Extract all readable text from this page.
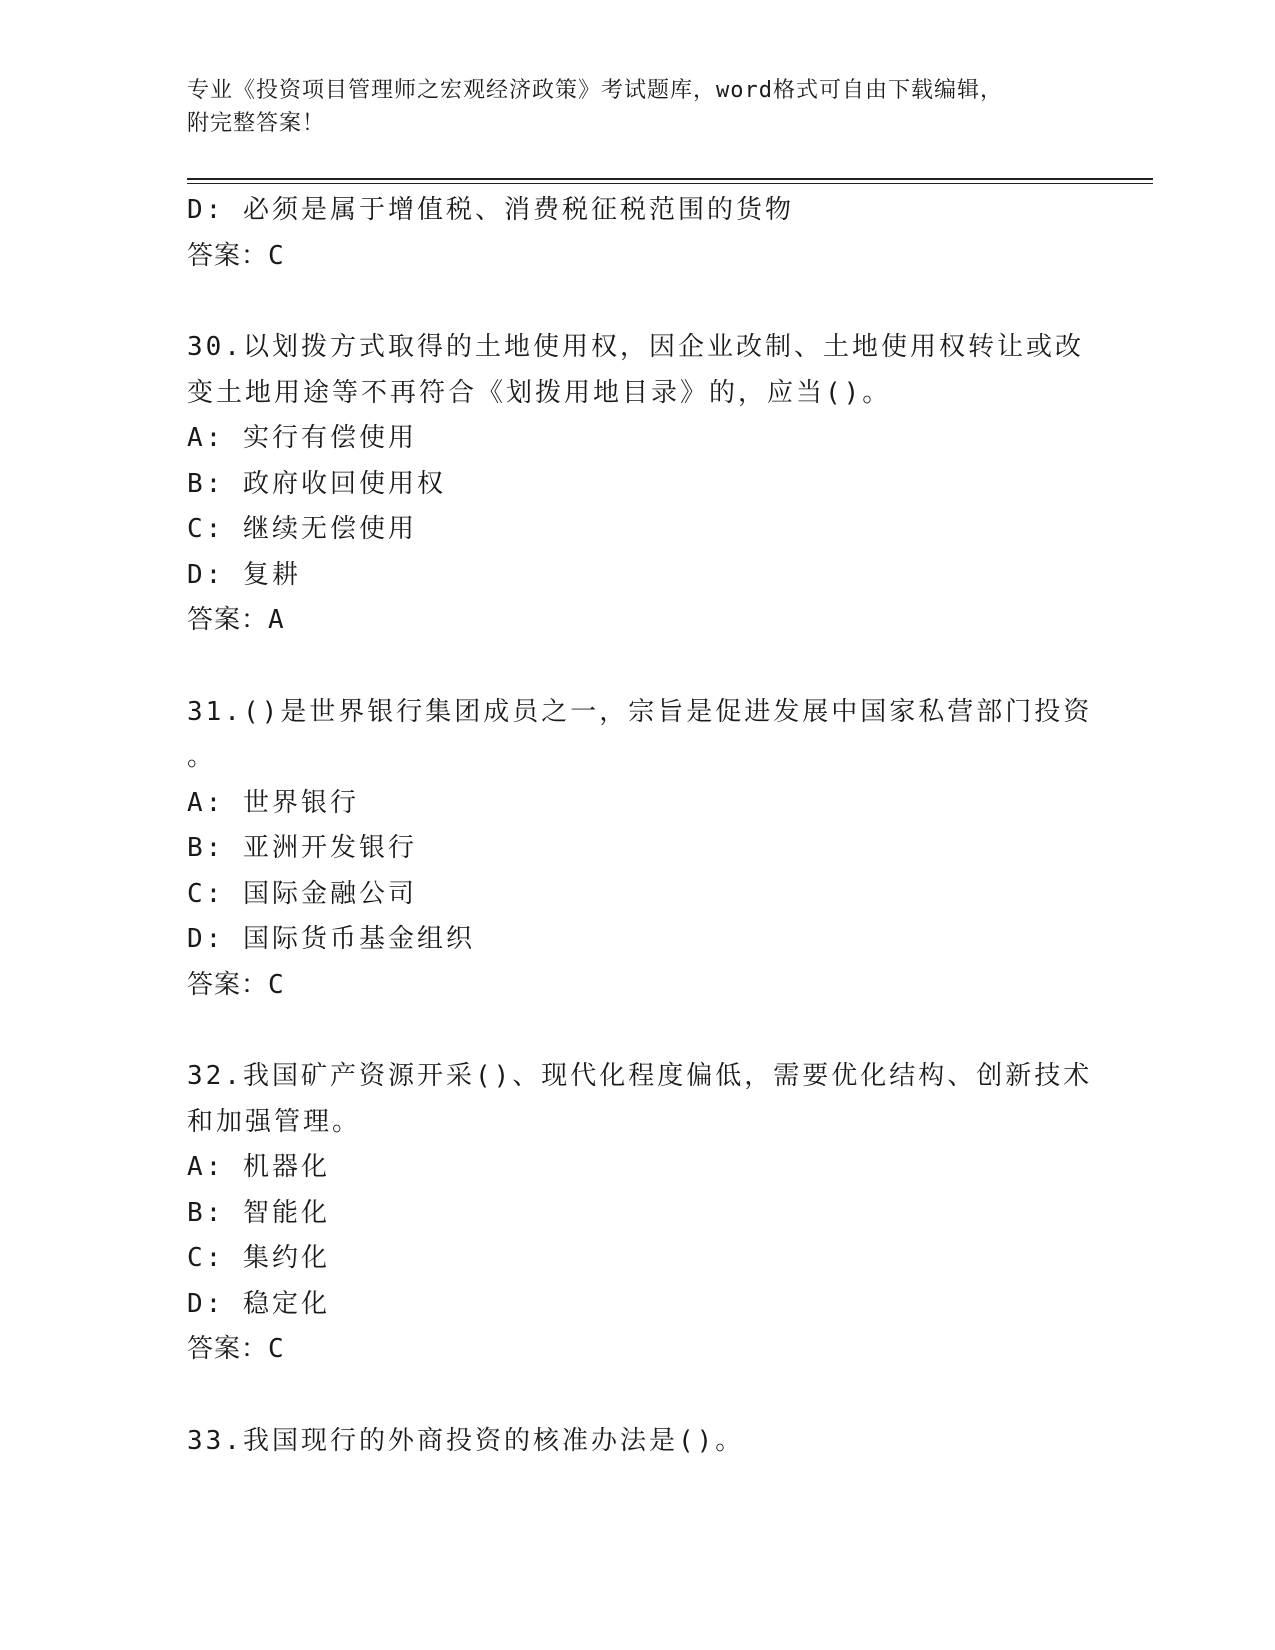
专业《投资项目管理师之宏观经济政策》考试题库，word格式可自由下载编辑，
附完整答案！
D: 必须是属于增值税、消费税征税范围的货物
答案：C
30.以划拨方式取得的土地使用权，因企业改制、土地使用权转让或改
变土地用途等不再符合《划拨用地目录》的，应当()。
A: 实行有偿使用
B: 政府收回使用权
C: 继续无偿使用
D: 复耕
答案：A
31.()是世界银行集团成员之一，宗旨是促进发展中国家私营部门投资
。
A: 世界银行
B: 亚洲开发银行
C: 国际金融公司
D: 国际货币基金组织
答案：C
32.我国矿产资源开采()、现代化程度偏低，需要优化结构、创新技术
和加强管理。
A: 机器化
B: 智能化
C: 集约化
D: 稳定化
答案：C
33.我国现行的外商投资的核准办法是()。
